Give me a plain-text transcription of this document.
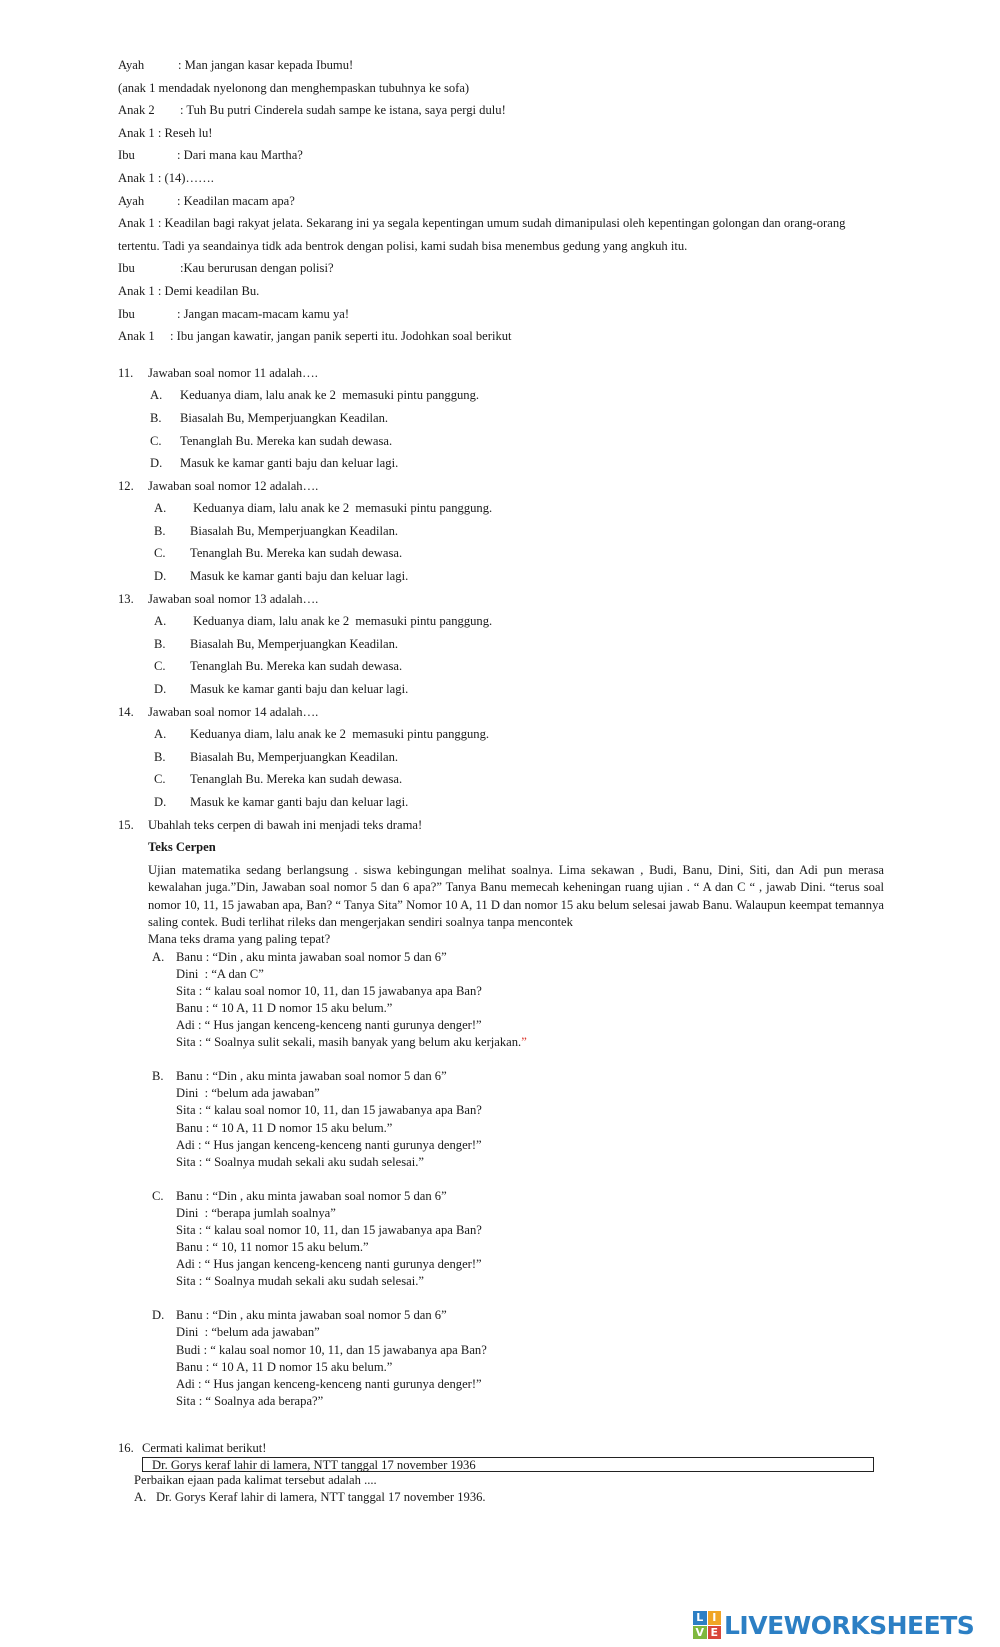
Ayah	: Man jangan kasar kepada Ibumu!
(anak 1 mendadak nyelonong dan menghempaskan tubuhnya ke sofa)
Anak 2 : Tuh Bu putri Cinderela sudah sampe ke istana, saya pergi dulu!
Anak 1 : Reseh lu!
Ibu	: Dari mana kau Martha?
Anak 1 : (14)…….
Ayah	: Keadilan macam apa?
Anak 1 : Keadilan bagi rakyat jelata. Sekarang ini ya segala kepentingan umum sudah dimanipulasi oleh kepentingan golongan dan orang-orang tertentu. Tadi ya seandainya tidk ada bentrok dengan polisi, kami sudah bisa menembus gedung yang angkuh itu.
Ibu	:Kau berurusan dengan polisi?
Anak 1 : Demi keadilan Bu.
Ibu	: Jangan macam-macam kamu ya!
Anak 1 : Ibu jangan kawatir, jangan panik seperti itu. Jodohkan soal berikut
11. Jawaban soal nomor 11 adalah….
A. Keduanya diam, lalu anak ke 2  memasuki pintu panggung.
B. Biasalah Bu, Memperjuangkan Keadilan.
C. Tenanglah Bu. Mereka kan sudah dewasa.
D. Masuk ke kamar ganti baju dan keluar lagi.
12. Jawaban soal nomor 12 adalah….
A. Keduanya diam, lalu anak ke 2  memasuki pintu panggung.
B. Biasalah Bu, Memperjuangkan Keadilan.
C. Tenanglah Bu. Mereka kan sudah dewasa.
D. Masuk ke kamar ganti baju dan keluar lagi.
13. Jawaban soal nomor 13 adalah….
A. Keduanya diam, lalu anak ke 2  memasuki pintu panggung.
B. Biasalah Bu, Memperjuangkan Keadilan.
C. Tenanglah Bu. Mereka kan sudah dewasa.
D. Masuk ke kamar ganti baju dan keluar lagi.
14. Jawaban soal nomor 14 adalah….
A. Keduanya diam, lalu anak ke 2  memasuki pintu panggung.
B. Biasalah Bu, Memperjuangkan Keadilan.
C. Tenanglah Bu. Mereka kan sudah dewasa.
D. Masuk ke kamar ganti baju dan keluar lagi.
15. Ubahlah teks cerpen di bawah ini menjadi teks drama!
Teks Cerpen
Ujian matematika sedang berlangsung . siswa kebingungan melihat soalnya. Lima sekawan , Budi, Banu, Dini, Siti, dan Adi pun merasa kewalahan juga.”Din, Jawaban soal nomor 5 dan 6 apa?” Tanya Banu memecah keheningan ruang ujian . “ A dan C “ , jawab Dini. “terus soal nomor 10, 11, 15 jawaban apa, Ban? “ Tanya Sita” Nomor 10 A, 11 D dan nomor 15 aku belum selesai jawab Banu. Walaupun keempat temannya saling contek. Budi terlihat rileks dan mengerjakan sendiri soalnya tanpa mencontek
Mana teks drama yang paling tepat?
A. Banu : “Din , aku minta jawaban soal nomor 5 dan 6”
Dini  : “A dan C”
Sita : “ kalau soal nomor 10, 11, dan 15 jawabanya apa Ban?
Banu : “ 10 A, 11 D nomor 15 aku belum.”
Adi : “ Hus jangan kenceng-kenceng nanti gurunya denger!”
Sita : “ Soalnya sulit sekali, masih banyak yang belum aku kerjakan.”
B. Banu : “Din , aku minta jawaban soal nomor 5 dan 6”
Dini  : “belum ada jawaban”
Sita : “ kalau soal nomor 10, 11, dan 15 jawabanya apa Ban?
Banu : “ 10 A, 11 D nomor 15 aku belum.”
Adi : “ Hus jangan kenceng-kenceng nanti gurunya denger!”
Sita : “ Soalnya mudah sekali aku sudah selesai.”
C. Banu : “Din , aku minta jawaban soal nomor 5 dan 6”
Dini  : “berapa jumlah soalnya”
Sita : “ kalau soal nomor 10, 11, dan 15 jawabanya apa Ban?
Banu : “ 10, 11 nomor 15 aku belum.”
Adi : “ Hus jangan kenceng-kenceng nanti gurunya denger!”
Sita : “ Soalnya mudah sekali aku sudah selesai.”
D. Banu : “Din , aku minta jawaban soal nomor 5 dan 6”
Dini  : “belum ada jawaban”
Budi : “ kalau soal nomor 10, 11, dan 15 jawabanya apa Ban?
Banu : “ 10 A, 11 D nomor 15 aku belum.”
Adi : “ Hus jangan kenceng-kenceng nanti gurunya denger!”
Sita : “ Soalnya ada berapa?”
16. Cermati kalimat berikut!
Dr. Gorys keraf lahir di lamera, NTT tanggal 17 november 1936
Perbaikan ejaan pada kalimat tersebut adalah ....
A. Dr. Gorys Keraf lahir di lamera, NTT tanggal 17 november 1936.
L I
V E LIVEWORKSHEETS
